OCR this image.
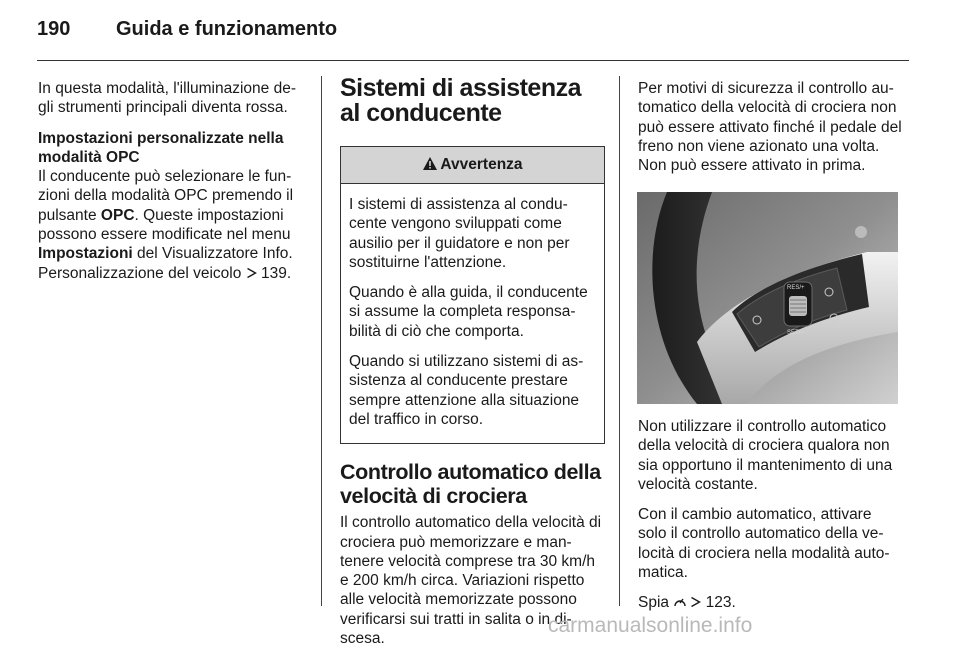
190 Guida e funzionamento

In questa modalità, l'illuminazione de-gli strumenti principali diventa rossa.

Impostazioni personalizzate nella modalità OPC
Il conducente può selezionare le fun-zioni della modalità OPC premendo il pulsante OPC. Queste impostazioni possono essere modificate nel menu Impostazioni del Visualizzatore Info. Personalizzazione del veicolo  139.

Sistemi di assistenza al conducente
Avvertenza

I sistemi di assistenza al condu-cente vengono sviluppati come ausilio per il guidatore e non per sostituirne l'attenzione.

Quando è alla guida, il conducente si assume la completa responsa-bilità di ciò che comporta.

Quando si utilizzano sistemi di as-sistenza al conducente prestare sempre attenzione alla situazione del traffico in corso.

Controllo automatico della velocità di crociera

Il controllo automatico della velocità di crociera può memorizzare e man-tenere velocità comprese tra 30 km/h e 200 km/h circa. Variazioni rispetto alle velocità memorizzate possono verificarsi sui tratti in salita o in di-scesa.

Per motivi di sicurezza il controllo au-tomatico della velocità di crociera non può essere attivato finché il pedale del freno non viene azionato una volta. Non può essere attivato in prima.

RES/+
SET/−

Non utilizzare il controllo automatico della velocità di crociera qualora non sia opportuno il mantenimento di una velocità costante.

Con il cambio automatico, attivare solo il controllo automatico della ve-locità di crociera nella modalità auto-matica.

Spia  123.

carmanualsonline.info
